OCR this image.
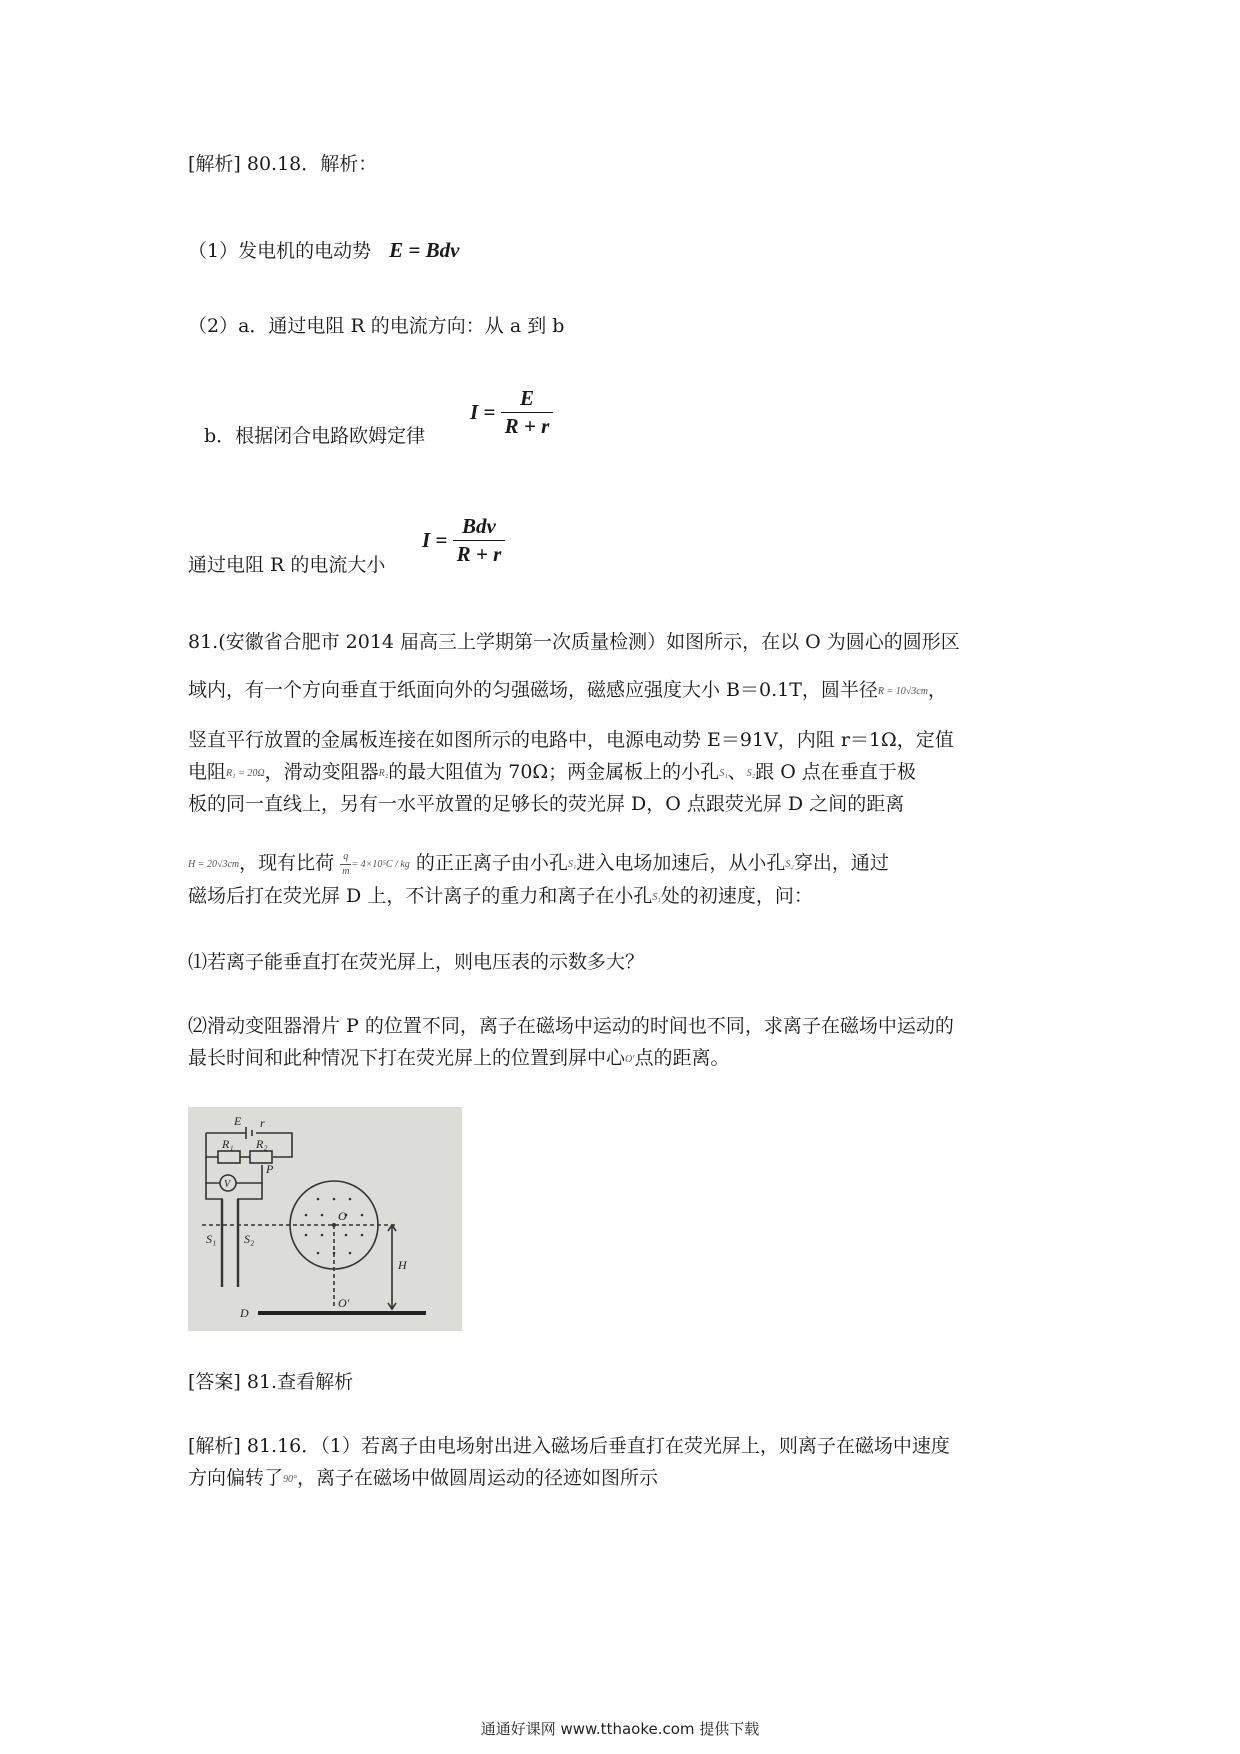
[解析] 80.18．解析：
（1）发电机的电动势 E = Bdv
（2）a．通过电阻 R 的电流方向：从 a 到 b
b．根据闭合电路欧姆定律
$I = \frac{E}{R + r}$
通过电阻 R 的电流大小
$I = \frac{\text{Bdv}}{R + r}$
81.(安徽省合肥市 2014 届高三上学期第一次质量检测）如图所示，在以 O 为圆心的圆形区
域内，有一个方向垂直于纸面向外的匀强磁场，磁感应强度大小 B＝0.1T，圆半径R = 10√3cm，
竖直平行放置的金属板连接在如图所示的电路中，电源电动势 E＝91V，内阻 r＝1Ω，定值
电阻R₁ = 20Ω，滑动变阻器R₂的最大阻值为 70Ω；两金属板上的小孔S₁、S₂跟 O 点在垂直于极
板的同一直线上，另有一水平放置的足够长的荧光屏 D，O 点跟荧光屏 D 之间的距离
H = 20√3cm，现有比荷 $\frac{q}{m} = 4\times 10^5C$ / kg 的正正离子由小孔S₁进入电场加速后，从小孔S₂穿出，通过
磁场后打在荧光屏 D 上，不计离子的重力和离子在小孔S₁处的初速度，问：
⑴若离子能垂直打在荧光屏上，则电压表的示数多大？
⑵滑动变阻器滑片 P 的位置不同，离子在磁场中运动的时间也不同，求离子在磁场中运动的
最长时间和此种情况下打在荧光屏上的位置到屏中心O′点的距离。
E r
R₁ R₂
V
P
O
S₁ S₂
H
D
O′
[答案] 81.查看解析
[解析] 81.16．（1）若离子由电场射出进入磁场后垂直打在荧光屏上，则离子在磁场中速度
方向偏转了90°，离子在磁场中做圆周运动的径迹如图所示
通通好课网 www.tthaoke.com 提供下载
